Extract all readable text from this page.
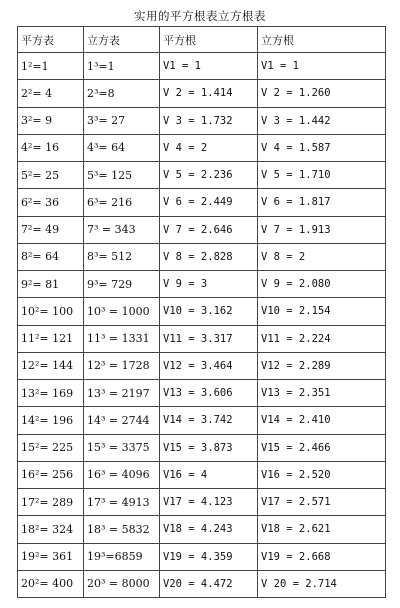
实用的平方根表立方根表
平方表	立方表	平方根	立方根
1²=1	1³=1	V1 = 1	V1 = 1
2²= 4	2³=8	V 2 = 1.414	V 2 = 1.260
3²= 9	3³= 27	V 3 = 1.732	V 3 = 1.442
4²= 16	4³= 64	V 4 = 2	V 4 = 1.587
5²= 25	5³= 125	V 5 = 2.236	V 5 = 1.710
6²= 36	6³= 216	V 6 = 2.449	V 6 = 1.817
7²= 49	7³ = 343	V 7 = 2.646	V 7 = 1.913
8²= 64	8³= 512	V 8 = 2.828	V 8 = 2
9²= 81	9³= 729	V 9 = 3	V 9 = 2.080
10²= 100	10³ = 1000	V10 = 3.162	V10 = 2.154
11²= 121	11³ = 1331	V11 = 3.317	V11 = 2.224
12²= 144	12³ = 1728	V12 = 3.464	V12 = 2.289
13²= 169	13³ = 2197	V13 = 3.606	V13 = 2.351
14²= 196	14³ = 2744	V14 = 3.742	V14 = 2.410
15²= 225	15³ = 3375	V15 = 3.873	V15 = 2.466
16²= 256	16³ = 4096	V16 = 4	V16 = 2.520
17²= 289	17³ = 4913	V17 = 4.123	V17 = 2.571
18²= 324	18³ = 5832	V18 = 4.243	V18 = 2.621
19²= 361	19³=6859	V19 = 4.359	V19 = 2.668
20²= 400	20³ = 8000	V20 = 4.472	V 20 = 2.714
